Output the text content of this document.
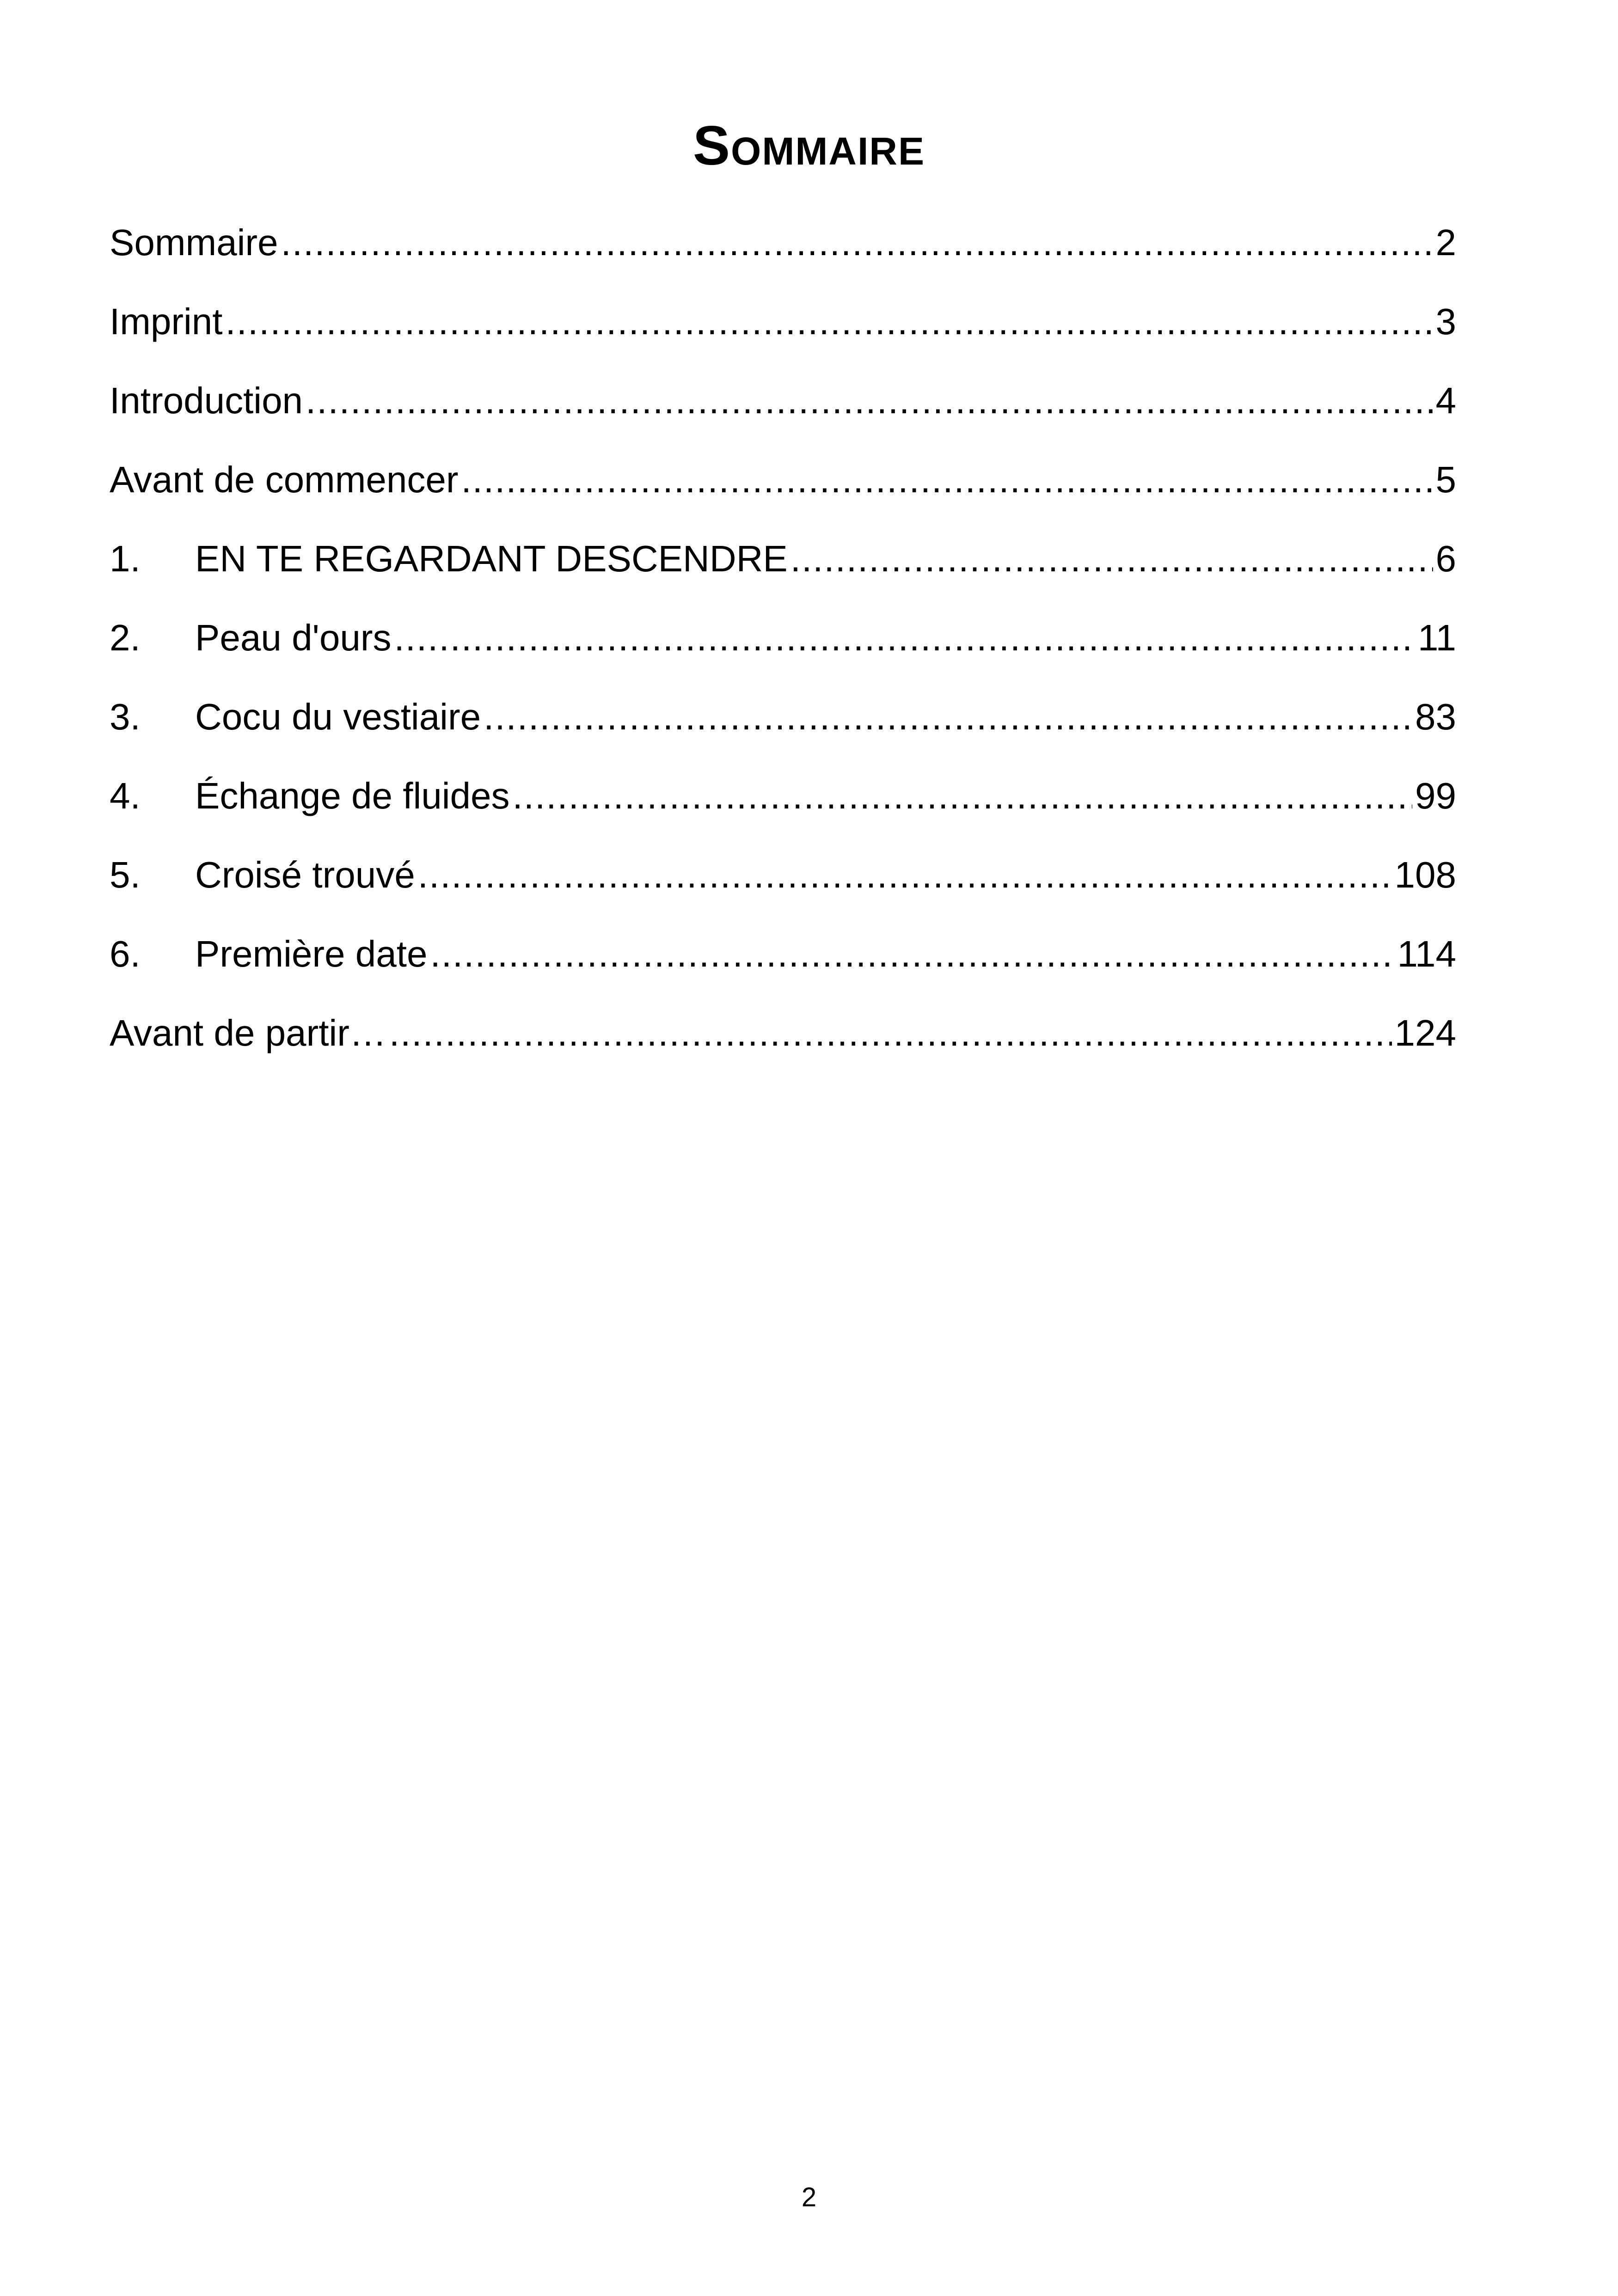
Sommaire
Sommaire .....	2
Imprint .....	3
Introduction .....	4
Avant de commencer .....	5
1.	EN TE REGARDANT DESCENDRE .....	6
2.	Peau d'ours .....	11
3.	Cocu du vestiaire .....	83
4.	Échange de fluides .....	99
5.	Croisé trouvé .....	108
6.	Première date .....	114
Avant de partir… .....	124
2
